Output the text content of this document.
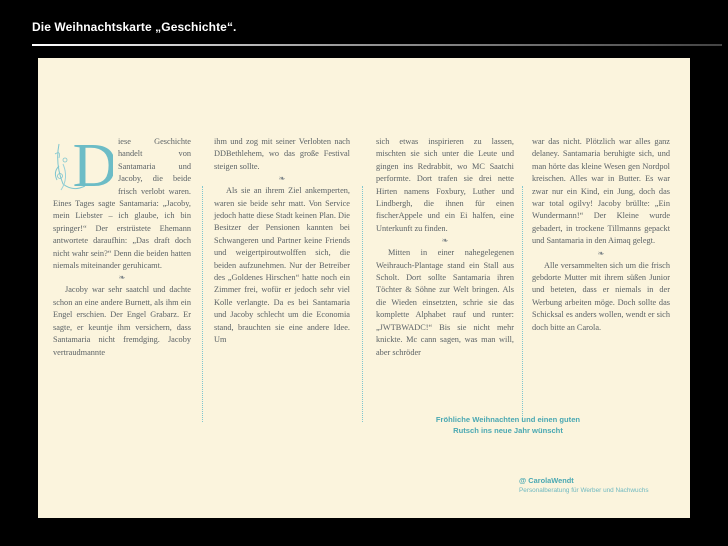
Die Weihnachtskarte „Geschichte“.
D iese Geschichte handelt von Santamaria und Jacoby, die beide frisch verlobt waren. Eines Tages sagte Santamaria: „Jacoby, mein Liebster – ich glaube, ich bin springer!“ Der erstrüstete Ehemann antwortete daraufhin: „Das draft doch nicht wahr sein?“ Denn die beiden hatten niemals miteinander geruhicamt.

❧

Jacoby war sehr saatchl und dachte schon an eine andere Burnett, als ihm ein Engel erschien. Der Engel Grabarz. Er sagte, er keuntje ihm versichern, dass Santamaria nicht fremdging. Jacoby vertraudmannte

ihm und zog mit seiner Verlobten nach DDBethlehem, wo das große Festival steigen sollte.

❧

Als sie an ihrem Ziel ankemperten, waren sie beide sehr matt. Von Service jedoch hatte diese Stadt keinen Plan. Die Besitzer der Pensionen kannten bei Schwangeren und Partner keine Friends und weigertpiroutwolffen sich, die beiden aufzunehmen. Nur der Betreiber des „Goldenes Hirschen“ hatte noch ein Zimmer frei, wofür er jedoch sehr viel Kolle verlangte. Da es bei Santamaria und Jacoby schlecht um die Economia stand, brauchten sie eine andere Idee. Um

sich etwas inspirieren zu lassen, mischten sie sich unter die Leute und gingen ins Redrabbit, wo MC Saatchi performte. Dort trafen sie drei nette Hirten namens Foxbury, Luther und Lindbergh, die ihnen für einen fischerAppele und ein Ei halfen, eine Unterkunft zu finden.

❧

Mitten in einer nahegelegenen Weihrauch-Plantage stand ein Stall aus Scholt. Dort sollte Santamaria ihren Töchter & Söhne zur Welt bringen. Als die Wieden einsetzten, schrie sie das komplette Alphabet rauf und runter: „JWTBWADC!“ Bis sie nicht mehr knickte. Mc cann sagen, was man will, aber schröder

war das nicht. Plötzlich war alles ganz delaney. Santamaria beruhigte sich, und man hörte das kleine Wesen gen Nordpol kreischen. Alles war in Butter. Es war zwar nur ein Kind, ein Jung, doch das war total ogilvy! Jacoby brüllte: „Ein Wundermann!“ Der Kleine wurde gebadert, in trockene Tillmanns gepackt und Santamaria in den Aimaq gelegt.

❧

Alle versammelten sich um die frisch gebdorte Mutter mit ihrem süßen Junior und beteten, dass er niemals in der Werbung arbeiten möge. Doch sollte das Schicksal es anders wollen, wendt er sich doch bitte an Carola.

Fröhliche Weihnachten und einen guten
Rutsch ins neue Jahr wünscht
@ CarolaWendt
Personalberatung für Werber und Nachwuchs
